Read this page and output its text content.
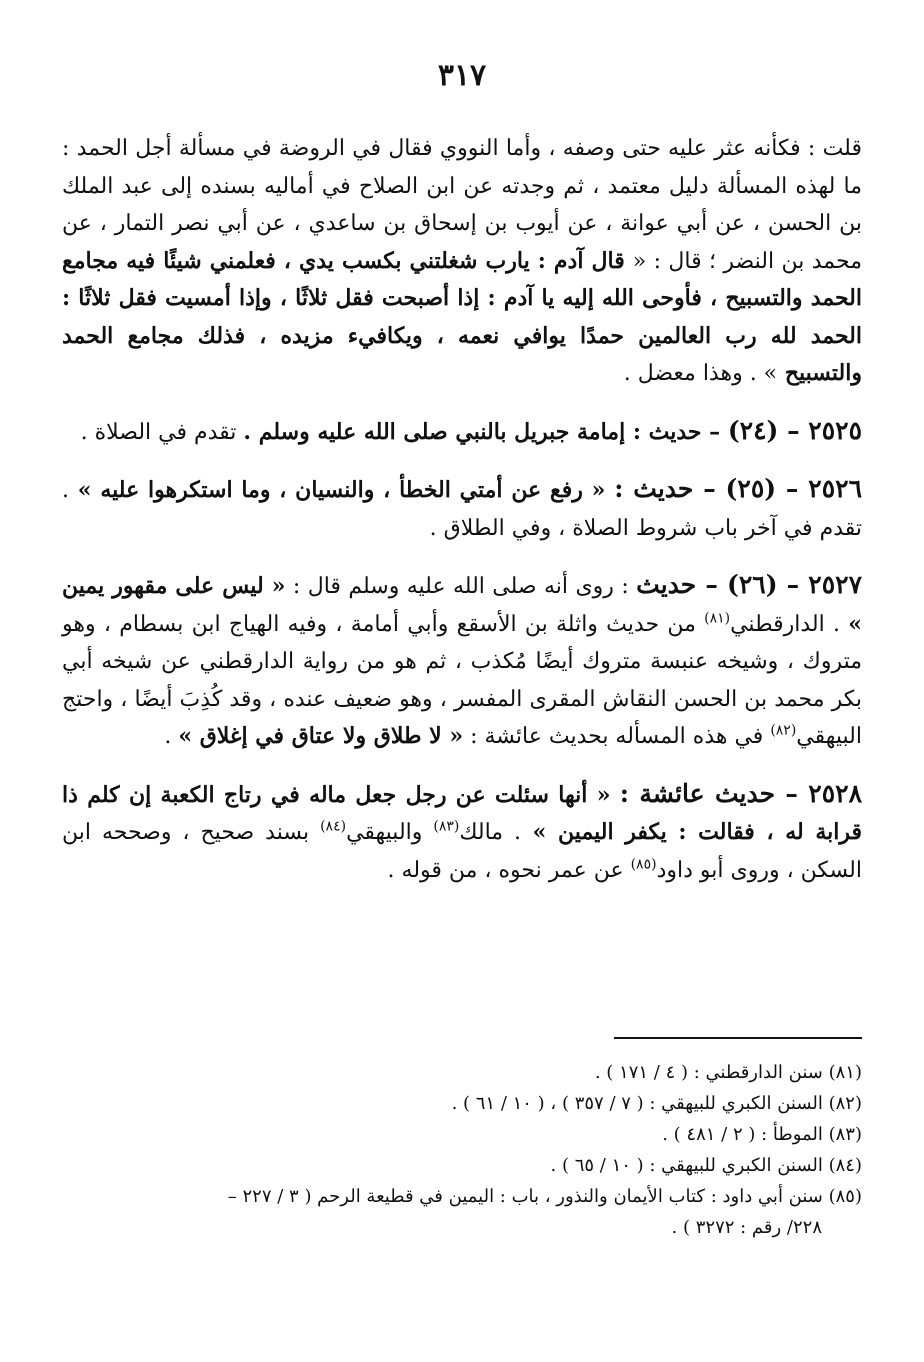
٣١٧

قلت : فكأنه عثر عليه حتى وصفه ، وأما النووي فقال في الروضة في مسألة أجل الحمد : ما لهذه المسألة دليل معتمد ، ثم وجدته عن ابن الصلاح في أماليه بسنده إلى عبد الملك بن الحسن ، عن أبي عوانة ، عن أيوب بن إسحاق بن ساعدي ، عن أبي نصر التمار ، عن محمد بن النضر ؛ قال : « قال آدم : يارب شغلتني بكسب يدي ، فعلمني شيئًا فيه مجامع الحمد والتسبيح ، فأوحى الله إليه يا آدم : إذا أصبحت فقل ثلاثًا ، وإذا أمسيت فقل ثلاثًا : الحمد لله رب العالمين حمدًا يوافي نعمه ، ويكافيء مزيده ، فذلك مجامع الحمد والتسبيح » . وهذا معضل .

٢٥٢٥ – (٢٤) – حديث : إمامة جبريل بالنبي صلى الله عليه وسلم . تقدم في الصلاة .

٢٥٢٦ – (٢٥) – حديث : « رفع عن أمتي الخطأ ، والنسيان ، وما استكرهوا عليه » . تقدم في آخر باب شروط الصلاة ، وفي الطلاق .

٢٥٢٧ – (٢٦) – حديث : روى أنه صلى الله عليه وسلم قال : « ليس على مقهور يمين » . الدارقطني$^{(٨١)}$ من حديث واثلة بن الأسقع وأبي أمامة ، وفيه الهياج ابن بسطام ، وهو متروك ، وشيخه عنبسة متروك أيضًا مُكذب ، ثم هو من رواية الدارقطني عن شيخه أبي بكر محمد بن الحسن النقاش المقرى المفسر ، وهو ضعيف عنده ، وقد كُذِبَ أيضًا ، واحتج البيهقي$^{(٨٢)}$ في هذه المسأله بحديث عائشة : « لا طلاق ولا عتاق في إغلاق » .

٢٥٢٨ – حديث عائشة : « أنها سئلت عن رجل جعل ماله في رتاج الكعبة إن كلم ذا قرابة له ، فقالت : يكفر اليمين » . مالك$^{(٨٣)}$ والبيهقي$^{(٨٤)}$ بسند صحيح ، وصححه ابن السكن ، وروى أبو داود$^{(٨٥)}$ عن عمر نحوه ، من قوله .

(٨١) سنن الدارقطني : ( ٤ / ١٧١ ) .

(٨٢) السنن الكبري للبيهقي : ( ٧ / ٣٥٧ ) ، ( ١٠ / ٦١ ) .

(٨٣) الموطأ : ( ٢ / ٤٨١ ) .

(٨٤) السنن الكبري للبيهقي : ( ١٠ / ٦٥ ) .

(٨٥) سنن أبي داود : كتاب الأيمان والنذور ، باب : اليمين في قطيعة الرحم ( ٣ / ٢٢٧ –

٢٢٨/ رقم : ٣٢٧٢ ) .
